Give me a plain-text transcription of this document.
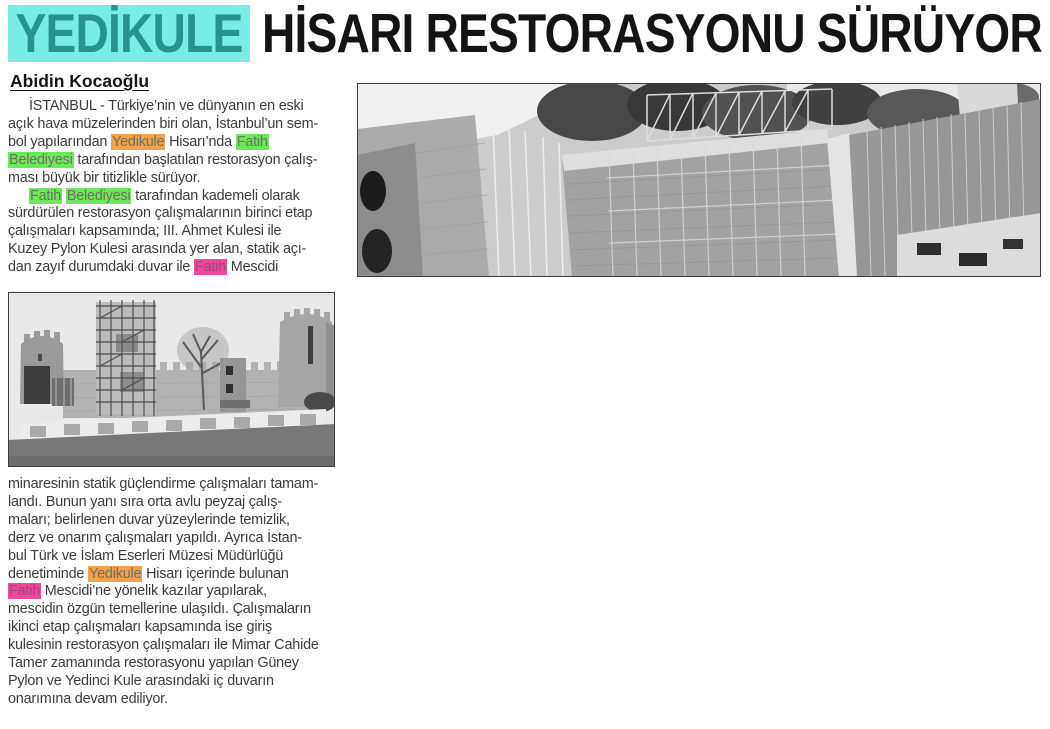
YEDİKULE HİSARI RESTORASYONU SÜRÜYOR
Abidin Kocaoğlu
İSTANBUL - Türkiye’nin ve dünyanın en eski
açık hava müzelerinden biri olan, İstanbul’un sem-
bol yapılarından Yedikule Hisarı’nda Fatih
Belediyesi tarafından başlatılan restorasyon çalış-
ması büyük bir titizlikle sürüyor.
Fatih Belediyesi tarafından kademeli olarak
sürdürülen restorasyon çalışmalarının birinci etap
çalışmaları kapsamında; III. Ahmet Kulesi ile
Kuzey Pylon Kulesi arasında yer alan, statik açı-
dan zayıf durumdaki duvar ile Fatih Mescidi
minaresinin statik güçlendirme çalışmaları tamam-
landı. Bunun yanı sıra orta avlu peyzaj çalış-
maları; belirlenen duvar yüzeylerinde temizlik,
derz ve onarım çalışmaları yapıldı. Ayrıca İstan-
bul Türk ve İslam Eserleri Müzesi Müdürlüğü
denetiminde Yedikule Hisarı içerinde bulunan
Fatih Mescidi’ne yönelik kazılar yapılarak,
mescidin özgün temellerine ulaşıldı. Çalışmaların
ikinci etap çalışmaları kapsamında ise giriş
kulesinin restorasyon çalışmaları ile Mimar Cahide
Tamer zamanında restorasyonu yapılan Güney
Pylon ve Yedinci Kule arasındaki iç duvarın
onarımına devam ediliyor.
